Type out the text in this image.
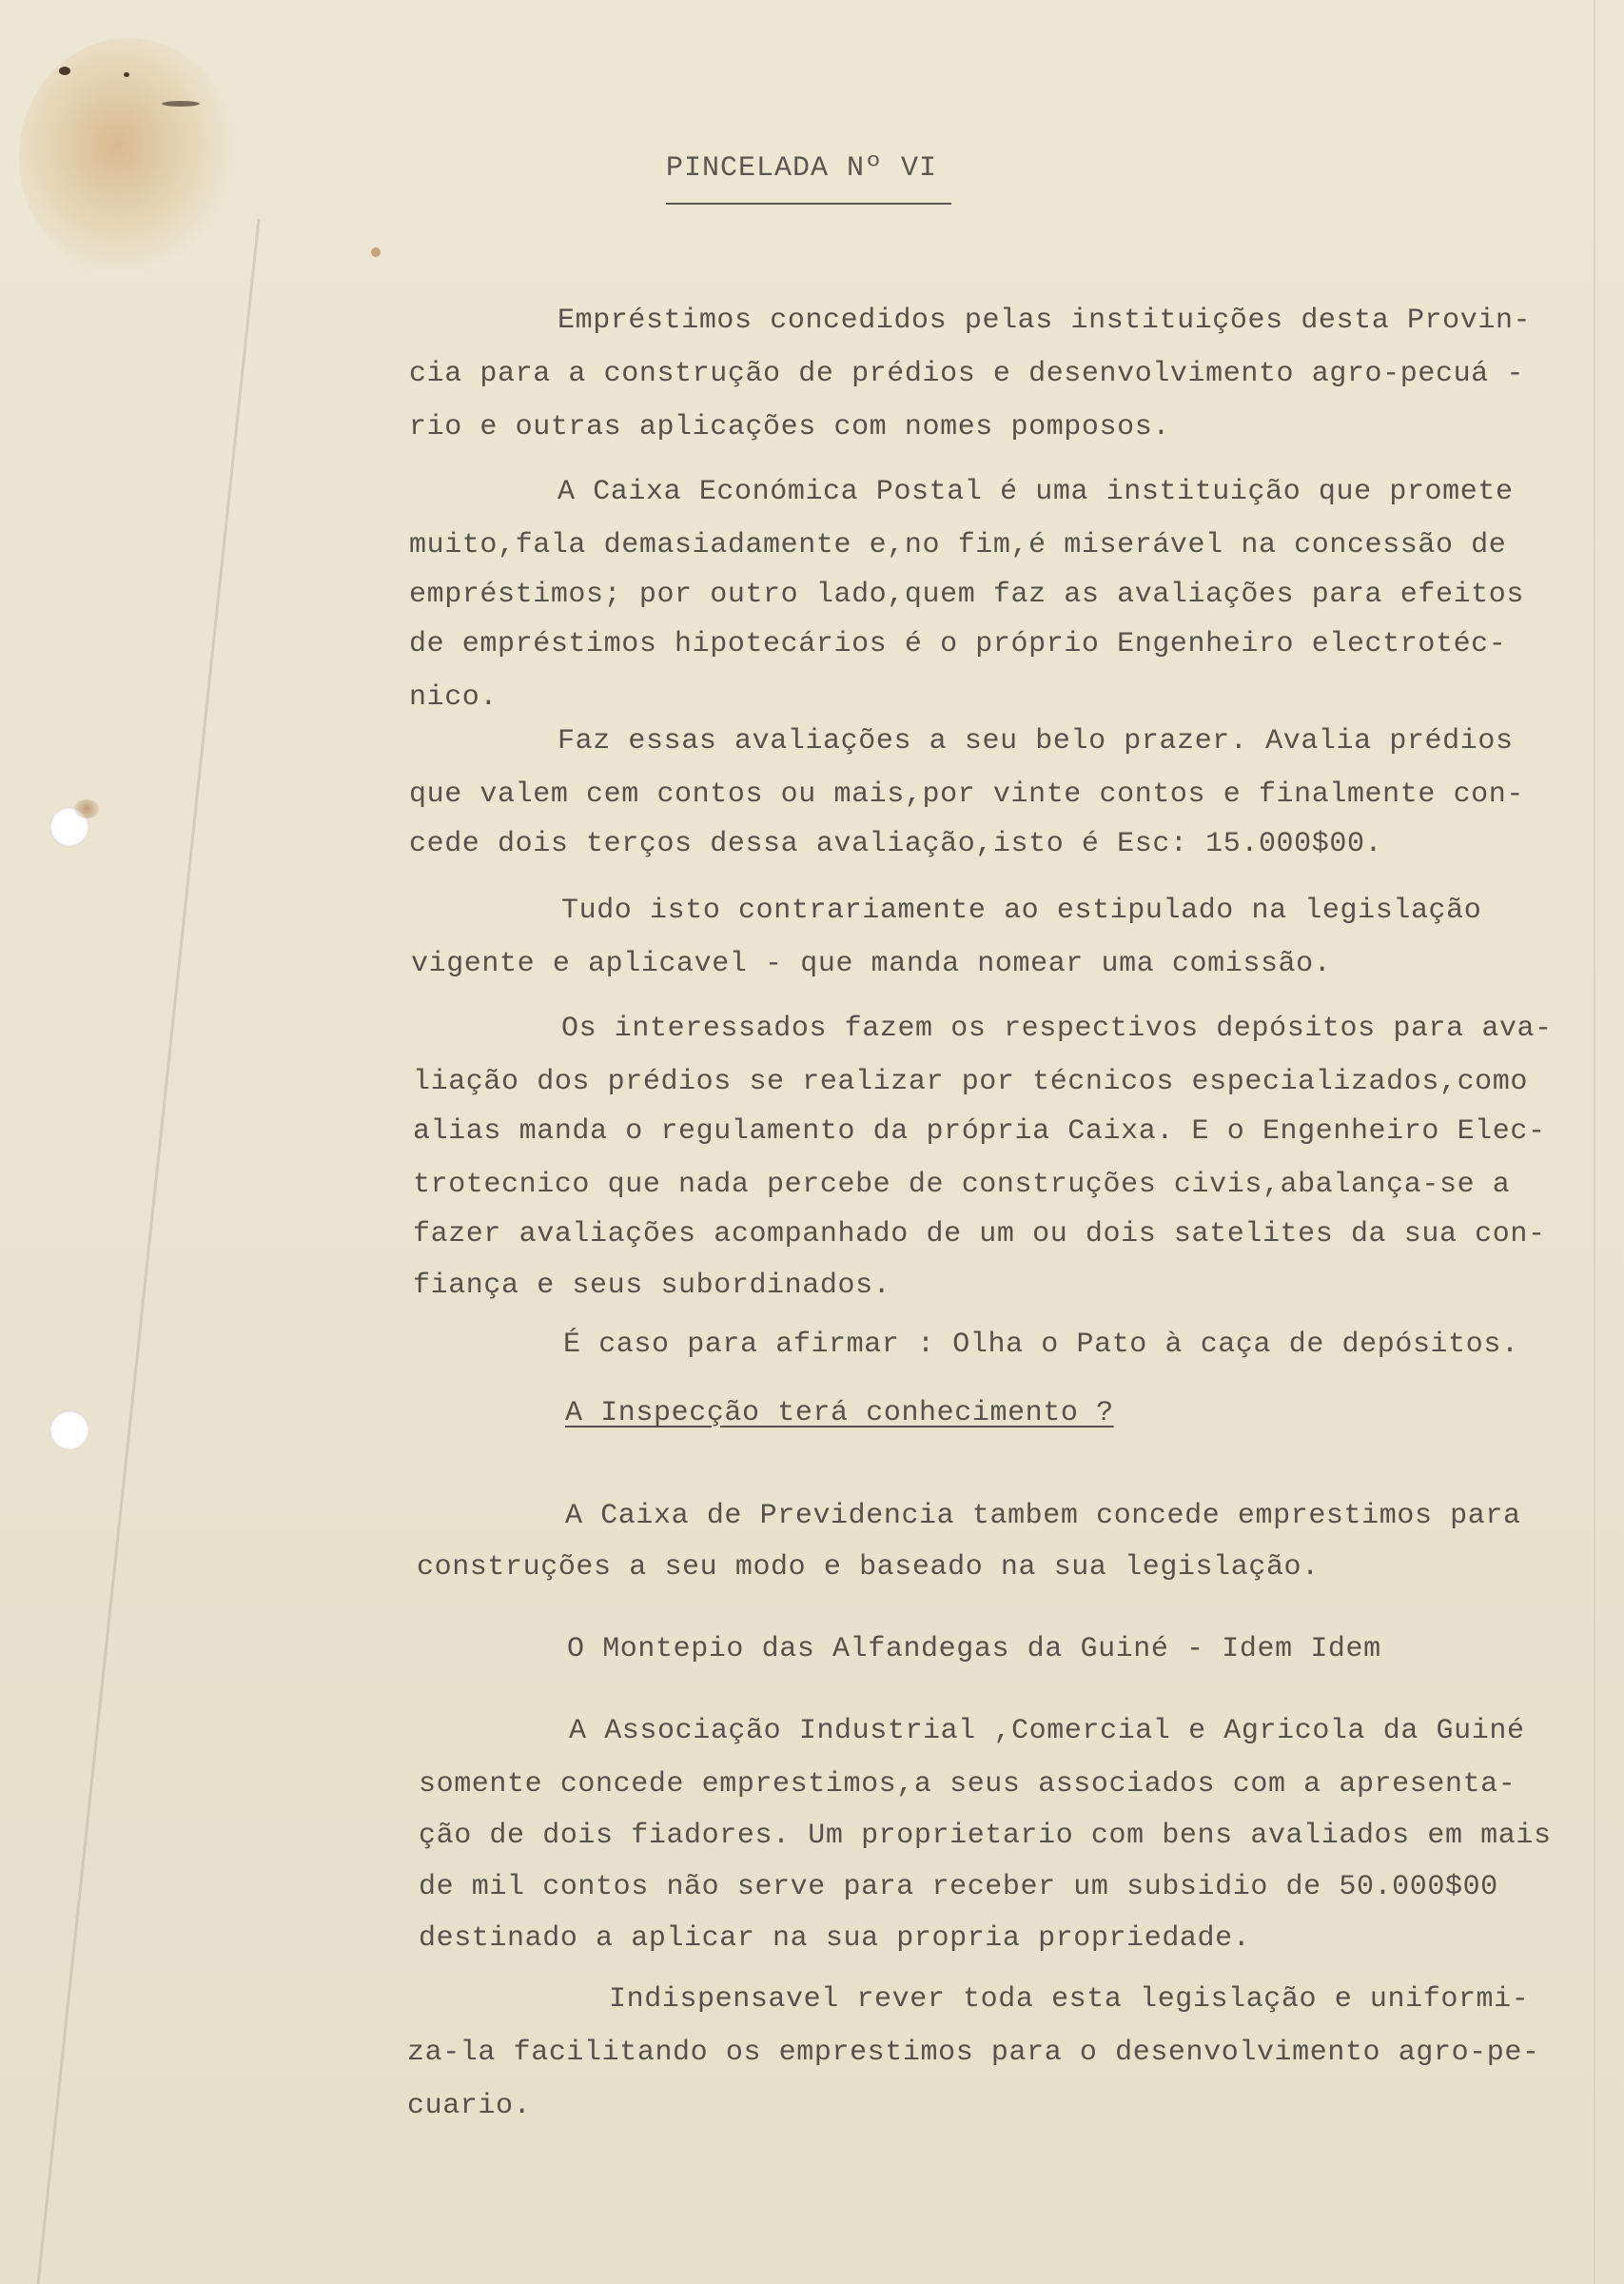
PINCELADA Nº VI
Empréstimos concedidos pelas instituições desta Provin-
cia para a construção de prédios e desenvolvimento agro-pecuá -
rio e outras aplicações com nomes pomposos.
A Caixa Económica Postal é uma instituição que promete
muito,fala demasiadamente e,no fim,é miserável na concessão de
empréstimos; por outro lado,quem faz as avaliações para efeitos
de empréstimos hipotecários é o próprio Engenheiro electrotéc-
nico.
Faz essas avaliações a seu belo prazer. Avalia prédios
que valem cem contos ou mais,por vinte contos e finalmente con-
cede dois terços dessa avaliação,isto é Esc: 15.000$00.
Tudo isto contrariamente ao estipulado na legislação
vigente e aplicavel - que manda nomear uma comissão.
Os interessados fazem os respectivos depósitos para ava-
liação dos prédios se realizar por técnicos especializados,como
alias manda o regulamento da própria Caixa. E o Engenheiro Elec-
trotecnico que nada percebe de construções civis,abalança-se a
fazer avaliações acompanhado de um ou dois satelites da sua con-
fiança e seus subordinados.
É caso para afirmar : Olha o Pato à caça de depósitos.
A Inspecção terá conhecimento ?
A Caixa de Previdencia tambem concede emprestimos para
construções a seu modo e baseado na sua legislação.
O Montepio das Alfandegas da Guiné - Idem Idem
A Associação Industrial ,Comercial e Agricola da Guiné
somente concede emprestimos,a seus associados com a apresenta-
ção de dois fiadores. Um proprietario com bens avaliados em mais
de mil contos não serve para receber um subsidio de 50.000$00
destinado a aplicar na sua propria propriedade.
Indispensavel rever toda esta legislação e uniformi-
za-la facilitando os emprestimos para o desenvolvimento agro-pe-
cuario.
